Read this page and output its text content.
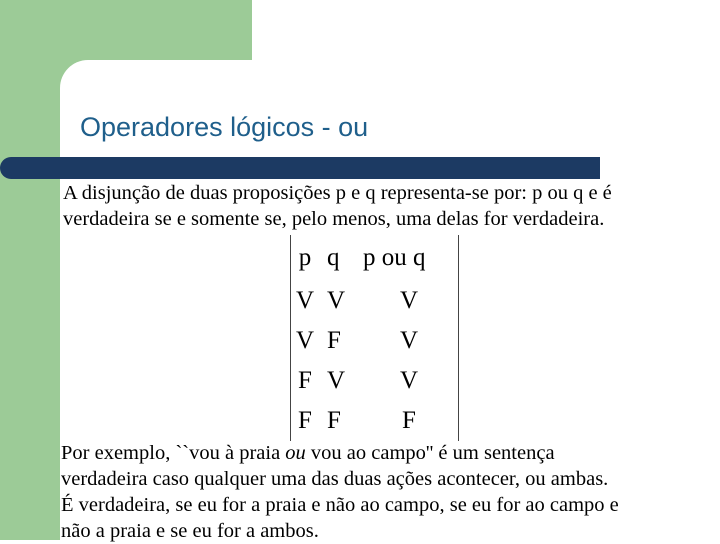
Operadores lógicos - ou
A disjunção de duas proposições p e q representa-se por: p ou q e é
verdadeira se e somente se, pelo menos, uma delas for verdadeira.
p	q	p ou q
V	V	V
V	F	V
F	V	V
F	F	F
Por exemplo, ``vou à praia ou vou ao campo'' é um sentença
verdadeira caso qualquer uma das duas ações acontecer, ou ambas.
É verdadeira, se eu for a praia e não ao campo, se eu for ao campo e
não a praia e se eu for a ambos.
